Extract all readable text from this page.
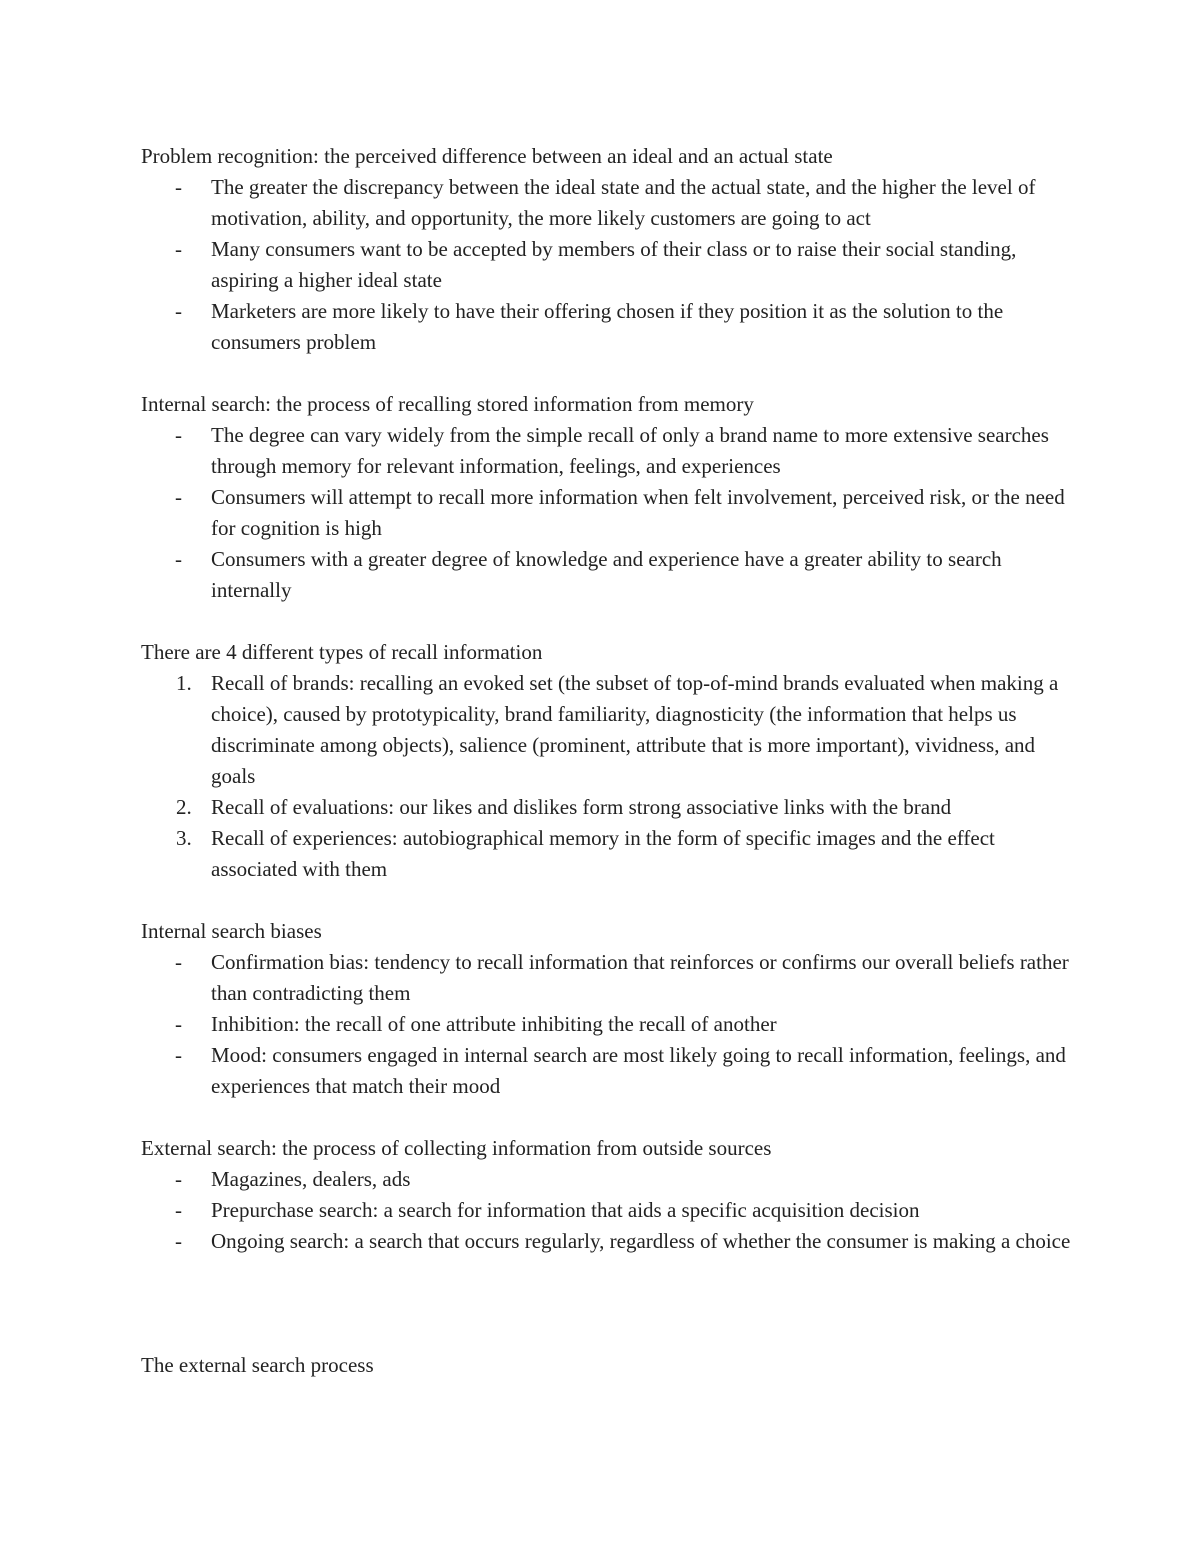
Problem recognition: the perceived difference between an ideal and an actual state

- The greater the discrepancy between the ideal state and the actual state, and the higher the level of motivation, ability, and opportunity, the more likely customers are going to act
- Many consumers want to be accepted by members of their class or to raise their social standing, aspiring a higher ideal state
- Marketers are more likely to have their offering chosen if they position it as the solution to the consumers problem

Internal search: the process of recalling stored information from memory

- The degree can vary widely from the simple recall of only a brand name to more extensive searches through memory for relevant information, feelings, and experiences
- Consumers will attempt to recall more information when felt involvement, perceived risk, or the need for cognition is high
- Consumers with a greater degree of knowledge and experience have a greater ability to search internally

There are 4 different types of recall information

1. Recall of brands: recalling an evoked set (the subset of top-of-mind brands evaluated when making a choice), caused by prototypicality, brand familiarity, diagnosticity (the information that helps us discriminate among objects), salience (prominent, attribute that is more important), vividness, and goals
2. Recall of evaluations: our likes and dislikes form strong associative links with the brand
3. Recall of experiences: autobiographical memory in the form of specific images and the effect associated with them

Internal search biases

- Confirmation bias: tendency to recall information that reinforces or confirms our overall beliefs rather than contradicting them
- Inhibition: the recall of one attribute inhibiting the recall of another
- Mood: consumers engaged in internal search are most likely going to recall information, feelings, and experiences that match their mood

External search: the process of collecting information from outside sources

- Magazines, dealers, ads
- Prepurchase search: a search for information that aids a specific acquisition decision
- Ongoing search: a search that occurs regularly, regardless of whether the consumer is making a choice

The external search process
